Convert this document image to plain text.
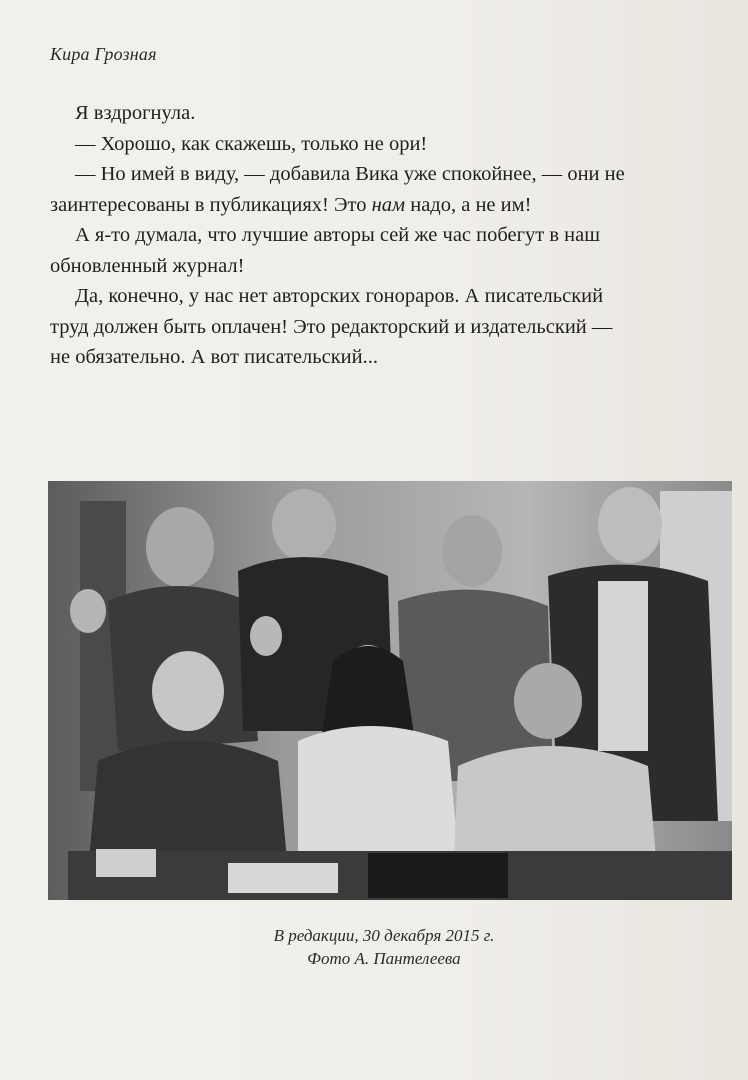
Кира Грозная

Я вздрогнула.

— Хорошо, как скажешь, только не ори!

— Но имей в виду, — добавила Вика уже спокойнее, — они не

заинтересованы в публикациях! Это нам надо, а не им!

А я-то думала, что лучшие авторы сей же час побегут в наш

обновленный журнал!

Да, конечно, у нас нет авторских гонораров. А писательский

труд должен быть оплачен! Это редакторский и издательский —

не обязательно. А вот писательский...

В редакции, 30 декабря 2015 г.
Фото А. Пантелеева
